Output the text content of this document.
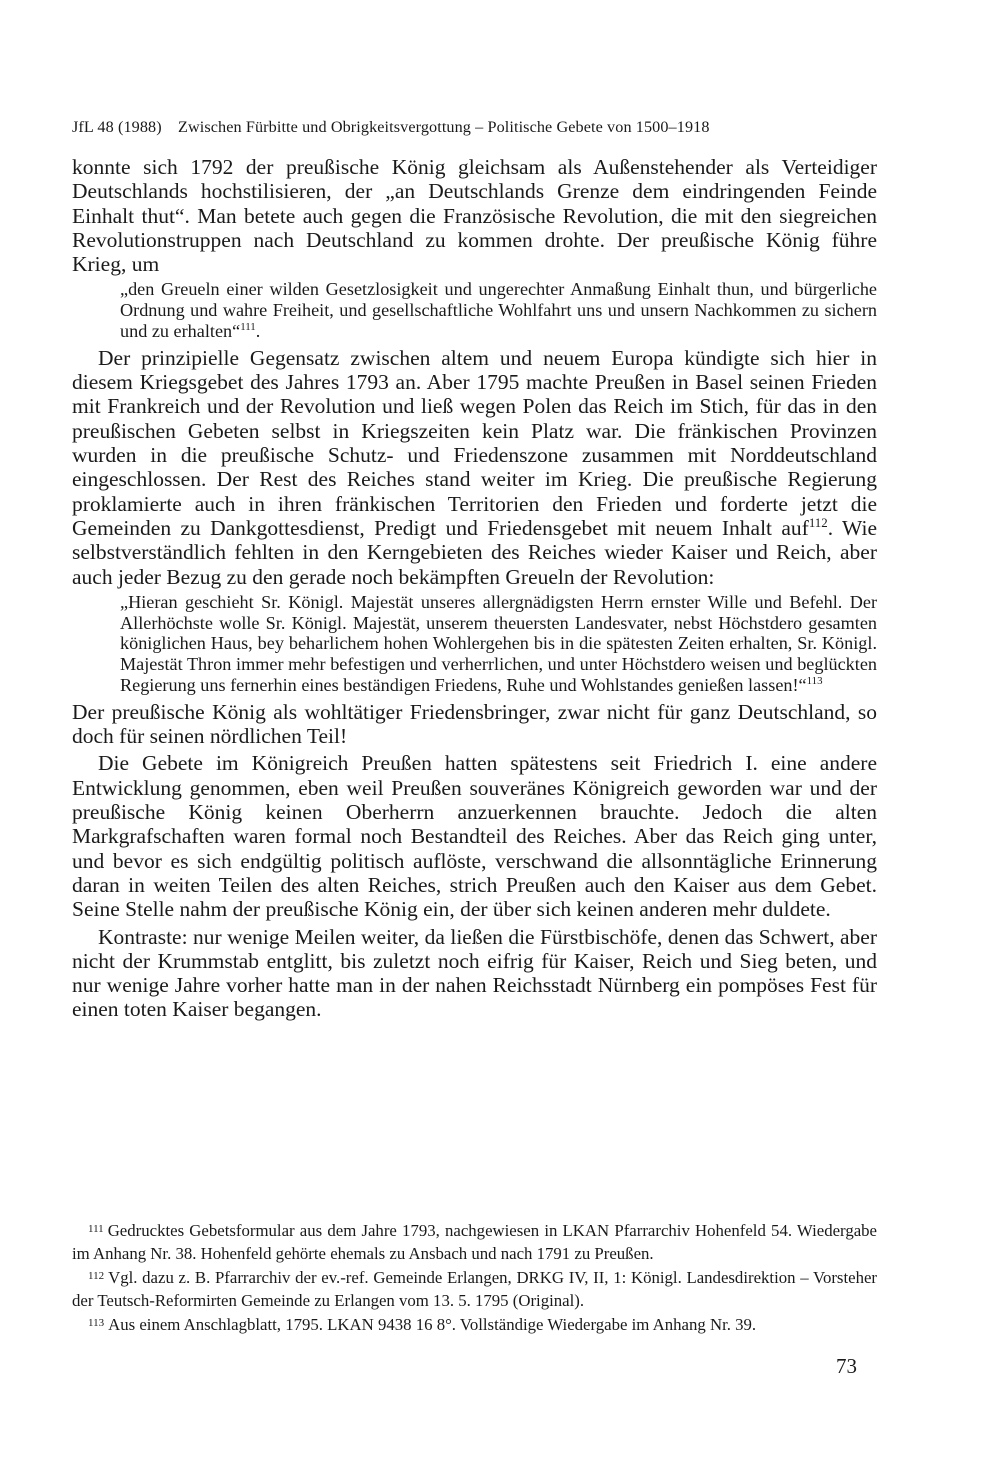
JfL 48 (1988) Zwischen Fürbitte und Obrigkeitsvergottung – Politische Gebete von 1500–1918

konnte sich 1792 der preußische König gleichsam als Außenstehender als Verteidiger Deutschlands hochstilisieren, der „an Deutschlands Grenze dem eindringenden Feinde Einhalt thut“. Man betete auch gegen die Französische Revolution, die mit den siegreichen Revolutionstruppen nach Deutschland zu kommen drohte. Der preußische König führe Krieg, um

„den Greueln einer wilden Gesetzlosigkeit und ungerechter Anmaßung Einhalt thun, und bürgerliche Ordnung und wahre Freiheit, und gesellschaftliche Wohlfahrt uns und unsern Nachkommen zu sichern und zu erhalten“$^{111}$.

Der prinzipielle Gegensatz zwischen altem und neuem Europa kündigte sich hier in diesem Kriegsgebet des Jahres 1793 an. Aber 1795 machte Preußen in Basel seinen Frieden mit Frankreich und der Revolution und ließ wegen Polen das Reich im Stich, für das in den preußischen Gebeten selbst in Kriegszeiten kein Platz war. Die fränkischen Provinzen wurden in die preußische Schutz- und Friedenszone zusammen mit Norddeutschland eingeschlossen. Der Rest des Reiches stand weiter im Krieg. Die preußische Regierung proklamierte auch in ihren fränkischen Territorien den Frieden und forderte jetzt die Gemeinden zu Dankgottesdienst, Predigt und Friedensgebet mit neuem Inhalt auf$^{112}$. Wie selbstverständlich fehlten in den Kerngebieten des Reiches wieder Kaiser und Reich, aber auch jeder Bezug zu den gerade noch bekämpften Greueln der Revolution:

„Hieran geschieht Sr. Königl. Majestät unseres allergnädigsten Herrn ernster Wille und Befehl. Der Allerhöchste wolle Sr. Königl. Majestät, unserem theuersten Landesvater, nebst Höchstdero gesamten königlichen Haus, bey beharlichem hohen Wohlergehen bis in die spätesten Zeiten erhalten, Sr. Königl. Majestät Thron immer mehr befestigen und verherrlichen, und unter Höchstdero weisen und beglückten Regierung uns fernerhin eines beständigen Friedens, Ruhe und Wohlstandes genießen lassen!“$^{113}$

Der preußische König als wohltätiger Friedensbringer, zwar nicht für ganz Deutschland, so doch für seinen nördlichen Teil!

Die Gebete im Königreich Preußen hatten spätestens seit Friedrich I. eine andere Entwicklung genommen, eben weil Preußen souveränes Königreich geworden war und der preußische König keinen Oberherrn anzuerkennen brauchte. Jedoch die alten Markgrafschaften waren formal noch Bestandteil des Reiches. Aber das Reich ging unter, und bevor es sich endgültig politisch auflöste, verschwand die allsonntägliche Erinnerung daran in weiten Teilen des alten Reiches, strich Preußen auch den Kaiser aus dem Gebet. Seine Stelle nahm der preußische König ein, der über sich keinen anderen mehr duldete.

Kontraste: nur wenige Meilen weiter, da ließen die Fürstbischöfe, denen das Schwert, aber nicht der Krummstab entglitt, bis zuletzt noch eifrig für Kaiser, Reich und Sieg beten, und nur wenige Jahre vorher hatte man in der nahen Reichsstadt Nürnberg ein pompöses Fest für einen toten Kaiser begangen.

$^{111}$ Gedrucktes Gebetsformular aus dem Jahre 1793, nachgewiesen in LKAN Pfarrarchiv Hohenfeld 54. Wiedergabe im Anhang Nr. 38. Hohenfeld gehörte ehemals zu Ansbach und nach 1791 zu Preußen.

$^{112}$ Vgl. dazu z. B. Pfarrarchiv der ev.-ref. Gemeinde Erlangen, DRKG IV, II, 1: Königl. Landesdirektion – Vorsteher der Teutsch-Reformirten Gemeinde zu Erlangen vom 13. 5. 1795 (Original).

$^{113}$ Aus einem Anschlagblatt, 1795. LKAN 9438 16 8°. Vollständige Wiedergabe im Anhang Nr. 39.

73
